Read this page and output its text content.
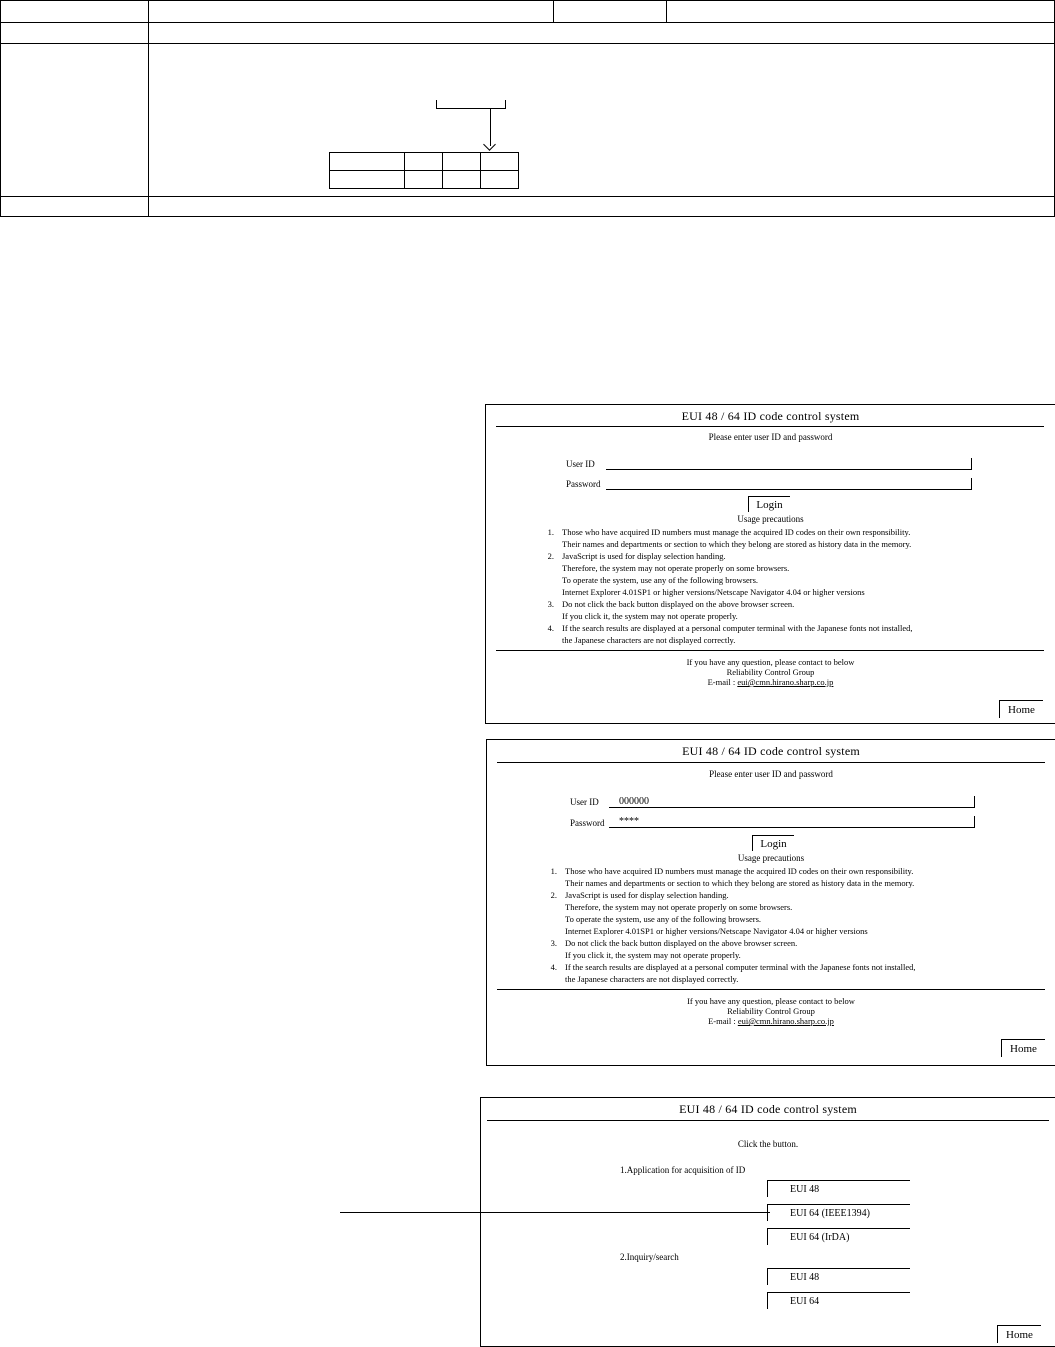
EUI 48 / 64 ID code control system
Please enter user ID and password
User ID
Password
Login
Usage precautions
1. Those who have acquired ID numbers must manage the acquired ID codes on their own responsibility.
Their names and departments or section to which they belong are stored as history data in the memory.
2. JavaScript is used for display selection handing.
Therefore, the system may not operate properly on some browsers.
To operate the system, use any of the following browsers.
Internet Explorer 4.01SP1 or higher versions/Netscape Navigator 4.04 or higher versions
3. Do not click the back button displayed on the above browser screen.
If you click it, the system may not operate properly.
4. If the search results are displayed at a personal computer terminal with the Japanese fonts not installed,
the Japanese characters are not displayed correctly.
If you have any question, please contact to below
Reliability Control Group
E-mail : eui@cmn.hirano.sharp.co.jp
Home
EUI 48 / 64 ID code control system
Please enter user ID and password
User ID	000000
Password	****
Login
Usage precautions
1. Those who have acquired ID numbers must manage the acquired ID codes on their own responsibility.
Their names and departments or section to which they belong are stored as history data in the memory.
2. JavaScript is used for display selection handing.
Therefore, the system may not operate properly on some browsers.
To operate the system, use any of the following browsers.
Internet Explorer 4.01SP1 or higher versions/Netscape Navigator 4.04 or higher versions
3. Do not click the back button displayed on the above browser screen.
If you click it, the system may not operate properly.
4. If the search results are displayed at a personal computer terminal with the Japanese fonts not installed,
the Japanese characters are not displayed correctly.
If you have any question, please contact to below
Reliability Control Group
E-mail : eui@cmn.hirano.sharp.co.jp
Home
EUI 48 / 64 ID code control system
Click the button.
1.Application for acquisition of ID
EUI 48
EUI 64 (IEEE1394)
EUI 64 (IrDA)
2.Inquiry/search
EUI 48
EUI 64
Home
